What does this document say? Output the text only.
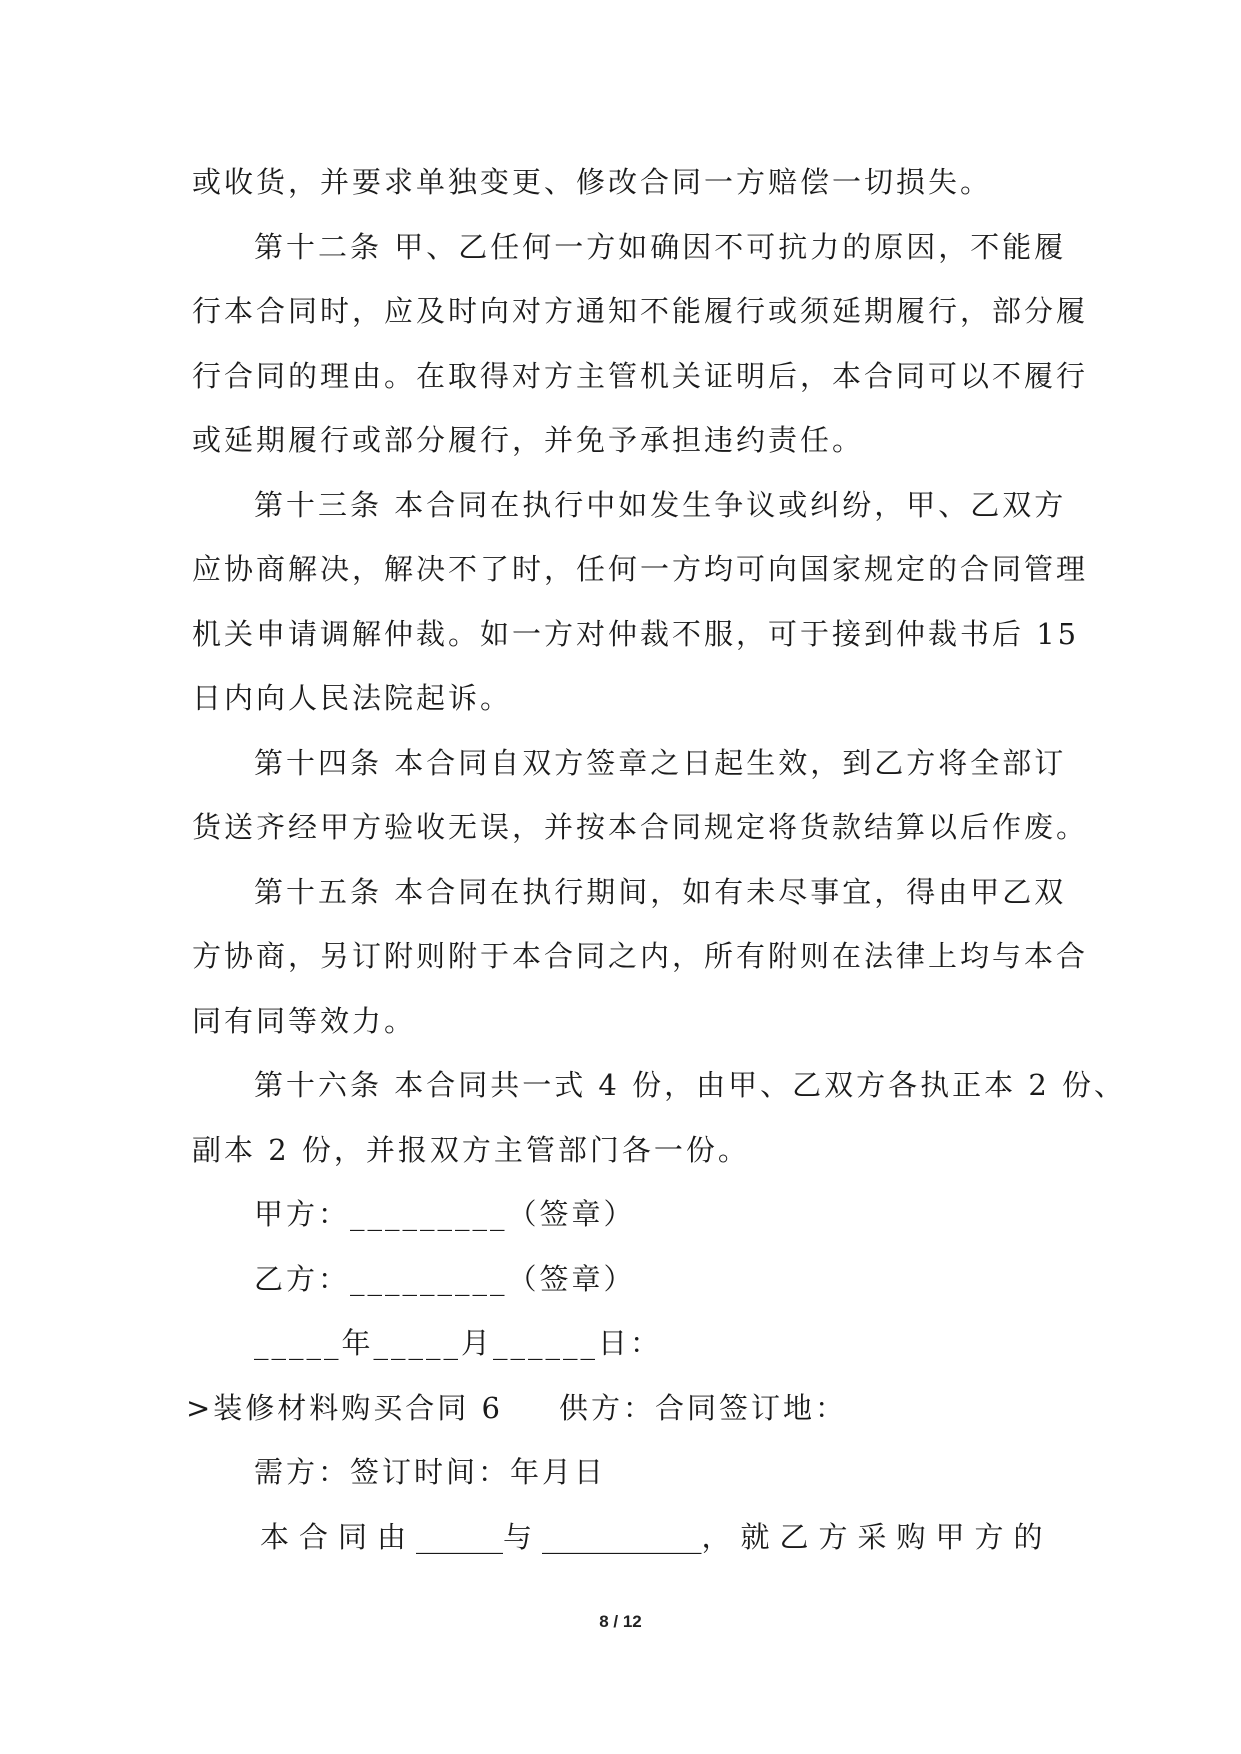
或收货，并要求单独变更、修改合同一方赔偿一切损失。
第十二条 甲、乙任何一方如确因不可抗力的原因，不能履
行本合同时，应及时向对方通知不能履行或须延期履行，部分履
行合同的理由。在取得对方主管机关证明后，本合同可以不履行
或延期履行或部分履行，并免予承担违约责任。
第十三条 本合同在执行中如发生争议或纠纷，甲、乙双方
应协商解决，解决不了时，任何一方均可向国家规定的合同管理
机关申请调解仲裁。如一方对仲裁不服，可于接到仲裁书后 15
日内向人民法院起诉。
第十四条 本合同自双方签章之日起生效，到乙方将全部订
货送齐经甲方验收无误，并按本合同规定将货款结算以后作废。
第十五条 本合同在执行期间，如有未尽事宜，得由甲乙双
方协商，另订附则附于本合同之内，所有附则在法律上均与本合
同有同等效力。
第十六条 本合同共一式 4 份，由甲、乙双方各执正本 2 份、
副本 2 份，并报双方主管部门各一份。
甲方：_________（签章）
乙方：_________（签章）
_____年_____月______日：
>装修材料购买合同 6 供方：合同签订地：
需方：签订时间：年月日
本合同由______与___________，就乙方采购甲方的
8 / 12
